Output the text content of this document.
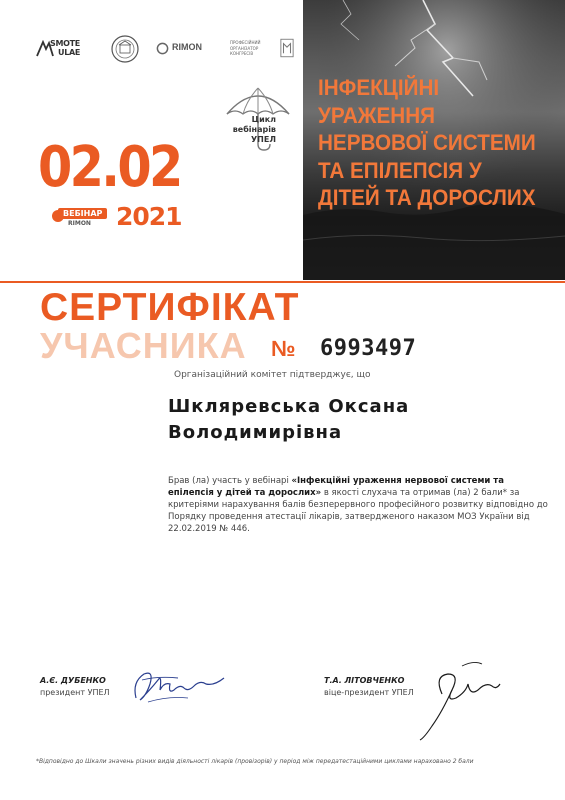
SMOTE
ULAE
RIMON	ПРОФЕСІЙНИЙ ОРГАНІЗАТОР КОНГРЕСІВ
Цикл
вебінарів
УПЕЛ
02.02
ВЕБІНАР
RIMON 2021
ІНФЕКЦІЙНІ
УРАЖЕННЯ
НЕРВОВОЇ СИСТЕМИ
ТА ЕПІЛЕПСІЯ У
ДІТЕЙ ТА ДОРОСЛИХ
СЕРТИФІКАТ
УЧАСНИКА № 6993497
Організаційний комітет підтверджує, що
Шкляревська Оксана
Володимирівна
Брав (ла) участь у вебінарі «Інфекційні ураження нервової системи та епілепсія у дітей та дорослих» в якості слухача та отримав (ла) 2 бали* за критеріями нарахування балів безперервного професійного розвитку відповідно до Порядку проведення атестації лікарів, затвердженого наказом МОЗ України від 22.02.2019 № 446.
А.Є. ДУБЕНКО
президент УПЕЛ
Т.А. ЛІТОВЧЕНКО
віце-президент УПЕЛ
*Відповідно до Шкали значень різних видів діяльності лікарів (провізорів) у період між передатестаційними циклами нараховано 2 бали
